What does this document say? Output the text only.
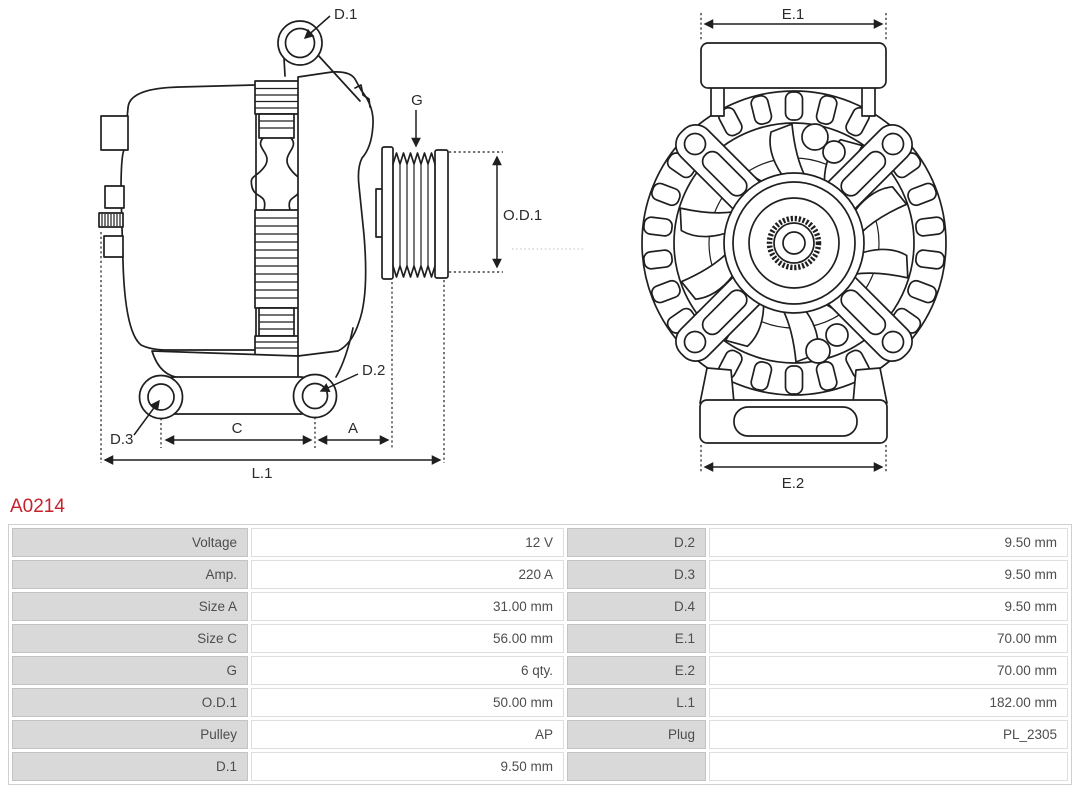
D.1
G
O.D.1
D.2
D.3
C	A
L.1
E.1
E.2
A0214
Voltage	12 V	D.2	9.50 mm
Amp.	220 A	D.3	9.50 mm
Size A	31.00 mm	D.4	9.50 mm
Size C	56.00 mm	E.1	70.00 mm
G	6 qty.	E.2	70.00 mm
O.D.1	50.00 mm	L.1	182.00 mm
Pulley	AP	Plug	PL_2305
D.1	9.50 mm		
